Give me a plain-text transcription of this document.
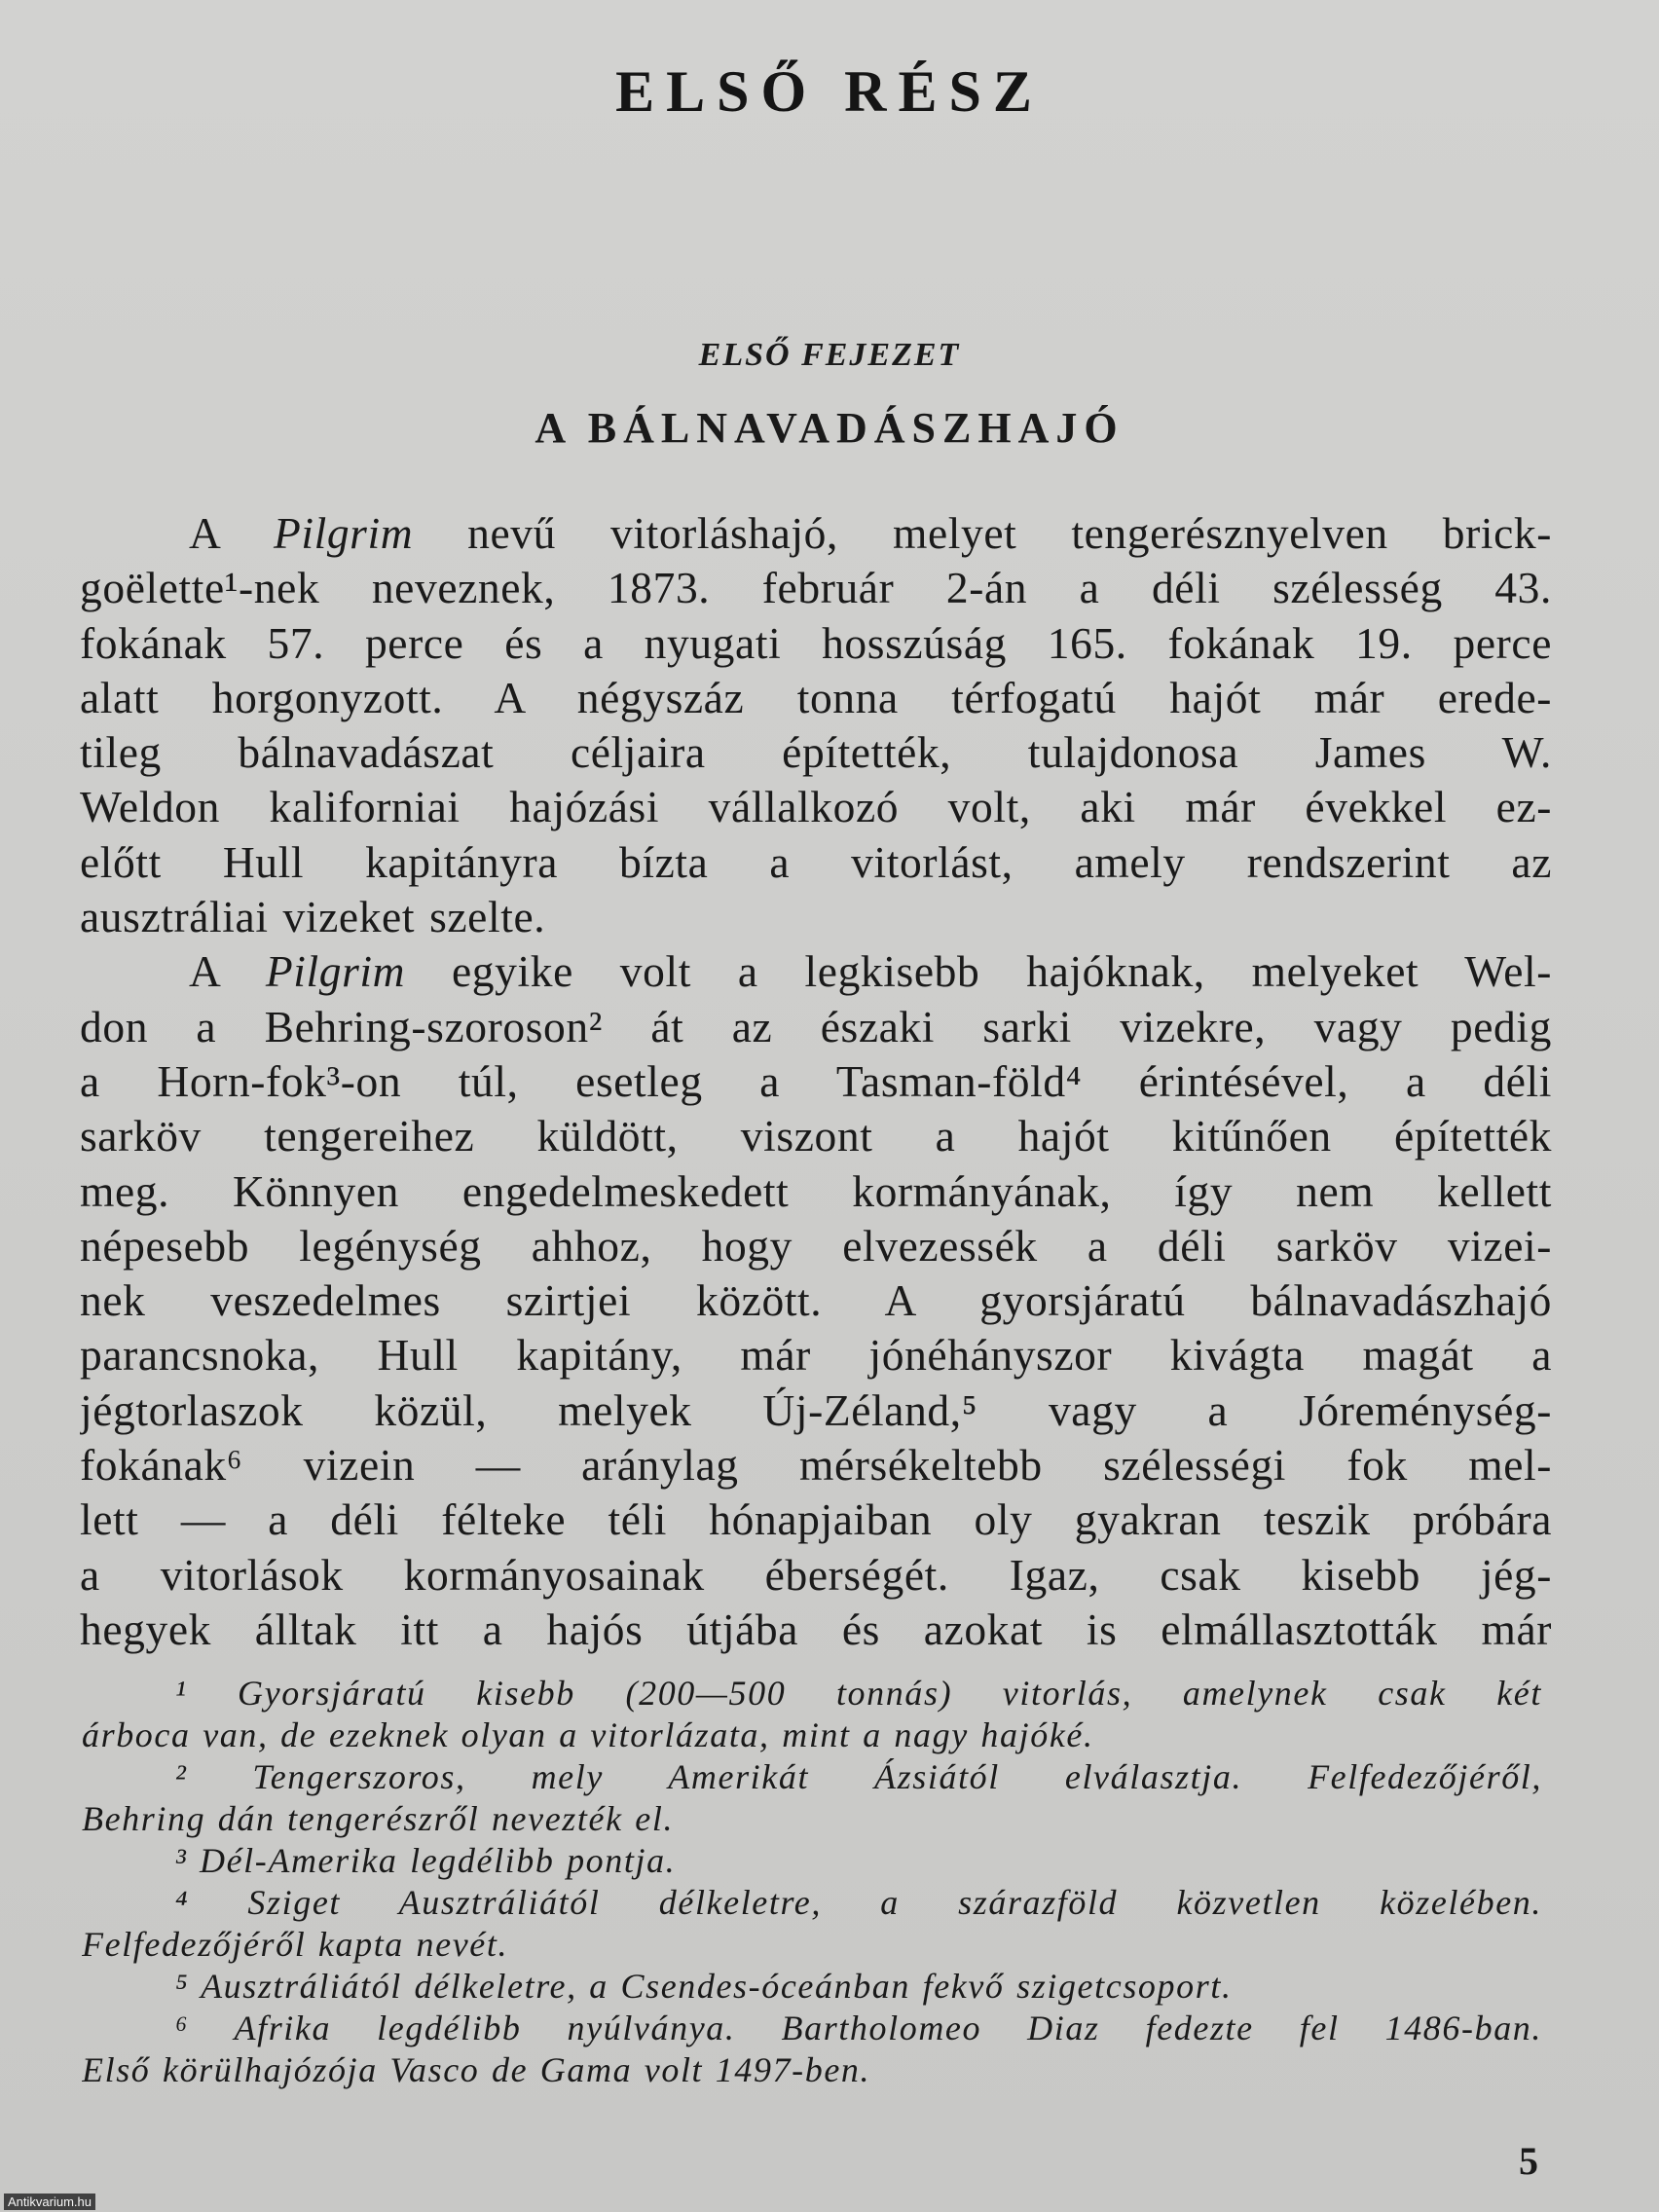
ELSŐ RÉSZ
ELSŐ FEJEZET
A BÁLNAVADÁSZHAJÓ
A Pilgrim nevű vitorláshajó, melyet tengerésznyelven brick-
goëlette¹-nek neveznek, 1873. február 2-án a déli szélesség 43.
fokának 57. perce és a nyugati hosszúság 165. fokának 19. perce
alatt horgonyzott. A négyszáz tonna térfogatú hajót már erede-
tileg bálnavadászat céljaira építették, tulajdonosa James W.
Weldon kaliforniai hajózási vállalkozó volt, aki már évekkel ez-
előtt Hull kapitányra bízta a vitorlást, amely rendszerint az
ausztráliai vizeket szelte.
A Pilgrim egyike volt a legkisebb hajóknak, melyeket Wel-
don a Behring-szoroson² át az északi sarki vizekre, vagy pedig
a Horn-fok³-on túl, esetleg a Tasman-föld⁴ érintésével, a déli
sarköv tengereihez küldött, viszont a hajót kitűnően építették
meg. Könnyen engedelmeskedett kormányának, így nem kellett
népesebb legénység ahhoz, hogy elvezessék a déli sarköv vizei-
nek veszedelmes szirtjei között. A gyorsjáratú bálnavadászhajó
parancsnoka, Hull kapitány, már jónéhányszor kivágta magát a
jégtorlaszok közül, melyek Új-Zéland,⁵ vagy a Jóreménység-
fokának⁶ vizein — aránylag mérsékeltebb szélességi fok mel-
lett — a déli félteke téli hónapjaiban oly gyakran teszik próbára
a vitorlások kormányosainak éberségét. Igaz, csak kisebb jég-
hegyek álltak itt a hajós útjába és azokat is elmállasztották már
¹ Gyorsjáratú kisebb (200—500 tonnás) vitorlás, amelynek csak két
árboca van, de ezeknek olyan a vitorlázata, mint a nagy hajóké.
² Tengerszoros, mely Amerikát Ázsiától elválasztja. Felfedezőjéről,
Behring dán tengerészről nevezték el.
³ Dél-Amerika legdélibb pontja.
⁴ Sziget Ausztráliától délkeletre, a szárazföld közvetlen közelében.
Felfedezőjéről kapta nevét.
⁵ Ausztráliától délkeletre, a Csendes-óceánban fekvő szigetcsoport.
⁶ Afrika legdélibb nyúlványa. Bartholomeo Diaz fedezte fel 1486-ban.
Első körülhajózója Vasco de Gama volt 1497-ben.
5
Antikvarium.hu
